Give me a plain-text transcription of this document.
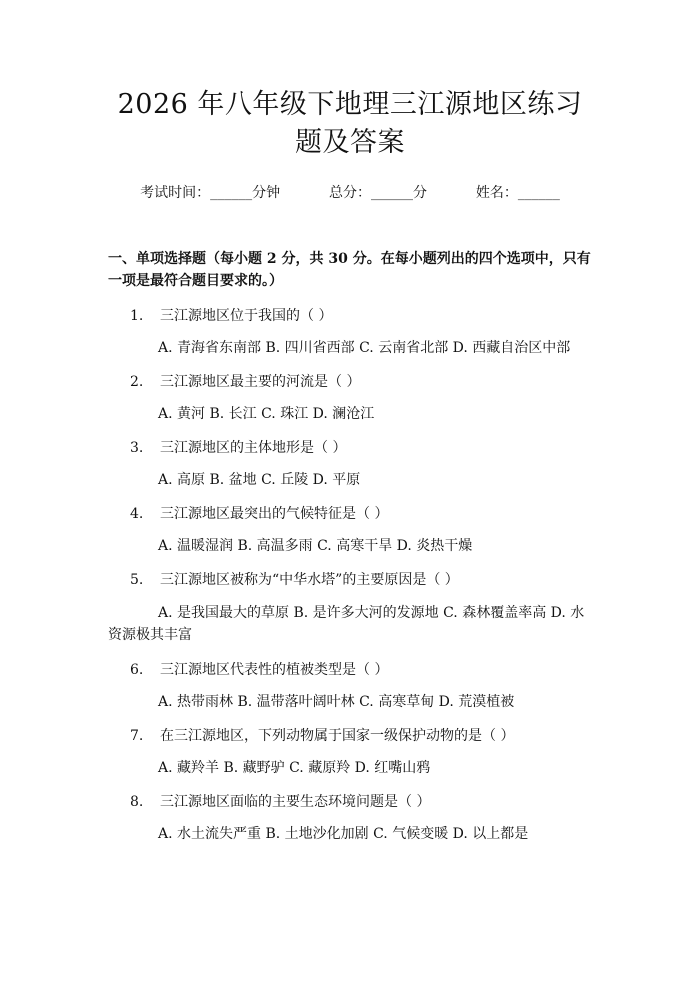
2026 年八年级下地理三江源地区练习题及答案
考试时间：______分钟	总分：______分	姓名：______
一、单项选择题（每小题 2 分，共 30 分。在每小题列出的四个选项中，只有一项是最符合题目要求的。）
1. 三江源地区位于我国的（ ）
A. 青海省东南部 B. 四川省西部 C. 云南省北部 D. 西藏自治区中部
2. 三江源地区最主要的河流是（ ）
A. 黄河 B. 长江 C. 珠江 D. 澜沧江
3. 三江源地区的主体地形是（ ）
A. 高原 B. 盆地 C. 丘陵 D. 平原
4. 三江源地区最突出的气候特征是（ ）
A. 温暖湿润 B. 高温多雨 C. 高寒干旱 D. 炎热干燥
5. 三江源地区被称为“中华水塔”的主要原因是（ ）
A. 是我国最大的草原 B. 是许多大河的发源地 C. 森林覆盖率高 D. 水资源极其丰富
6. 三江源地区代表性的植被类型是（ ）
A. 热带雨林 B. 温带落叶阔叶林 C. 高寒草甸 D. 荒漠植被
7. 在三江源地区，下列动物属于国家一级保护动物的是（ ）
A. 藏羚羊 B. 藏野驴 C. 藏原羚 D. 红嘴山鸦
8. 三江源地区面临的主要生态环境问题是（ ）
A. 水土流失严重 B. 土地沙化加剧 C. 气候变暖 D. 以上都是
